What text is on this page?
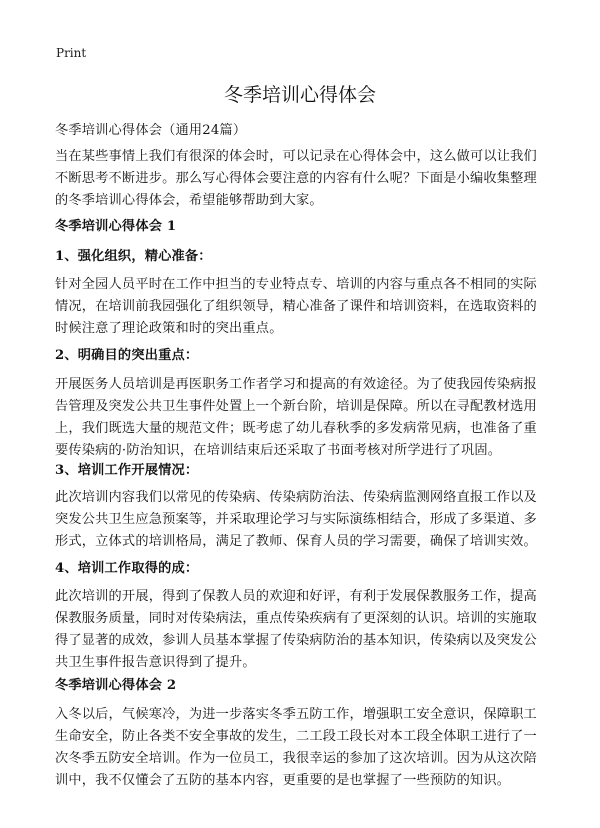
Print
冬季培训心得体会
冬季培训心得体会（通用24篇）
当在某些事情上我们有很深的体会时，可以记录在心得体会中，这么做可以让我们不断思考不断进步。那么写心得体会要注意的内容有什么呢？下面是小编收集整理的冬季培训心得体会，希望能够帮助到大家。
冬季培训心得体会 1
1、强化组织，精心准备：
针对全园人员平时在工作中担当的专业特点专、培训的内容与重点各不相同的实际情况，在培训前我园强化了组织领导，精心准备了课件和培训资料，在选取资料的时候注意了理论政策和时的突出重点。
2、明确目的突出重点：
开展医务人员培训是再医职务工作者学习和提高的有效途径。为了使我园传染病报告管理及突发公共卫生事件处置上一个新台阶，培训是保障。所以在寻配教材选用上，我们既选大量的规范文件；既考虑了幼儿春秋季的多发病常见病，也准备了重要传染病的·防治知识，在培训结束后还采取了书面考核对所学进行了巩固。
3、培训工作开展情况：
此次培训内容我们以常见的传染病、传染病防治法、传染病监测网络直报工作以及突发公共卫生应急预案等，并采取理论学习与实际演练相结合，形成了多渠道、多形式，立体式的培训格局，满足了教师、保育人员的学习需要，确保了培训实效。
4、培训工作取得的成：
此次培训的开展，得到了保教人员的欢迎和好评，有利于发展保教服务工作，提高保教服务质量，同时对传染病法，重点传染疾病有了更深刻的认识。培训的实施取得了显著的成效，参训人员基本掌握了传染病防治的基本知识，传染病以及突发公共卫生事件报告意识得到了提升。
冬季培训心得体会 2
入冬以后，气候寒冷，为进一步落实冬季五防工作，增强职工安全意识，保障职工生命安全，防止各类不安全事故的发生，二工段工段长对本工段全体职工进行了一次冬季五防安全培训。作为一位员工，我很幸运的参加了这次培训。因为从这次陪训中，我不仅懂会了五防的基本内容，更重要的是也掌握了一些预防的知识。
